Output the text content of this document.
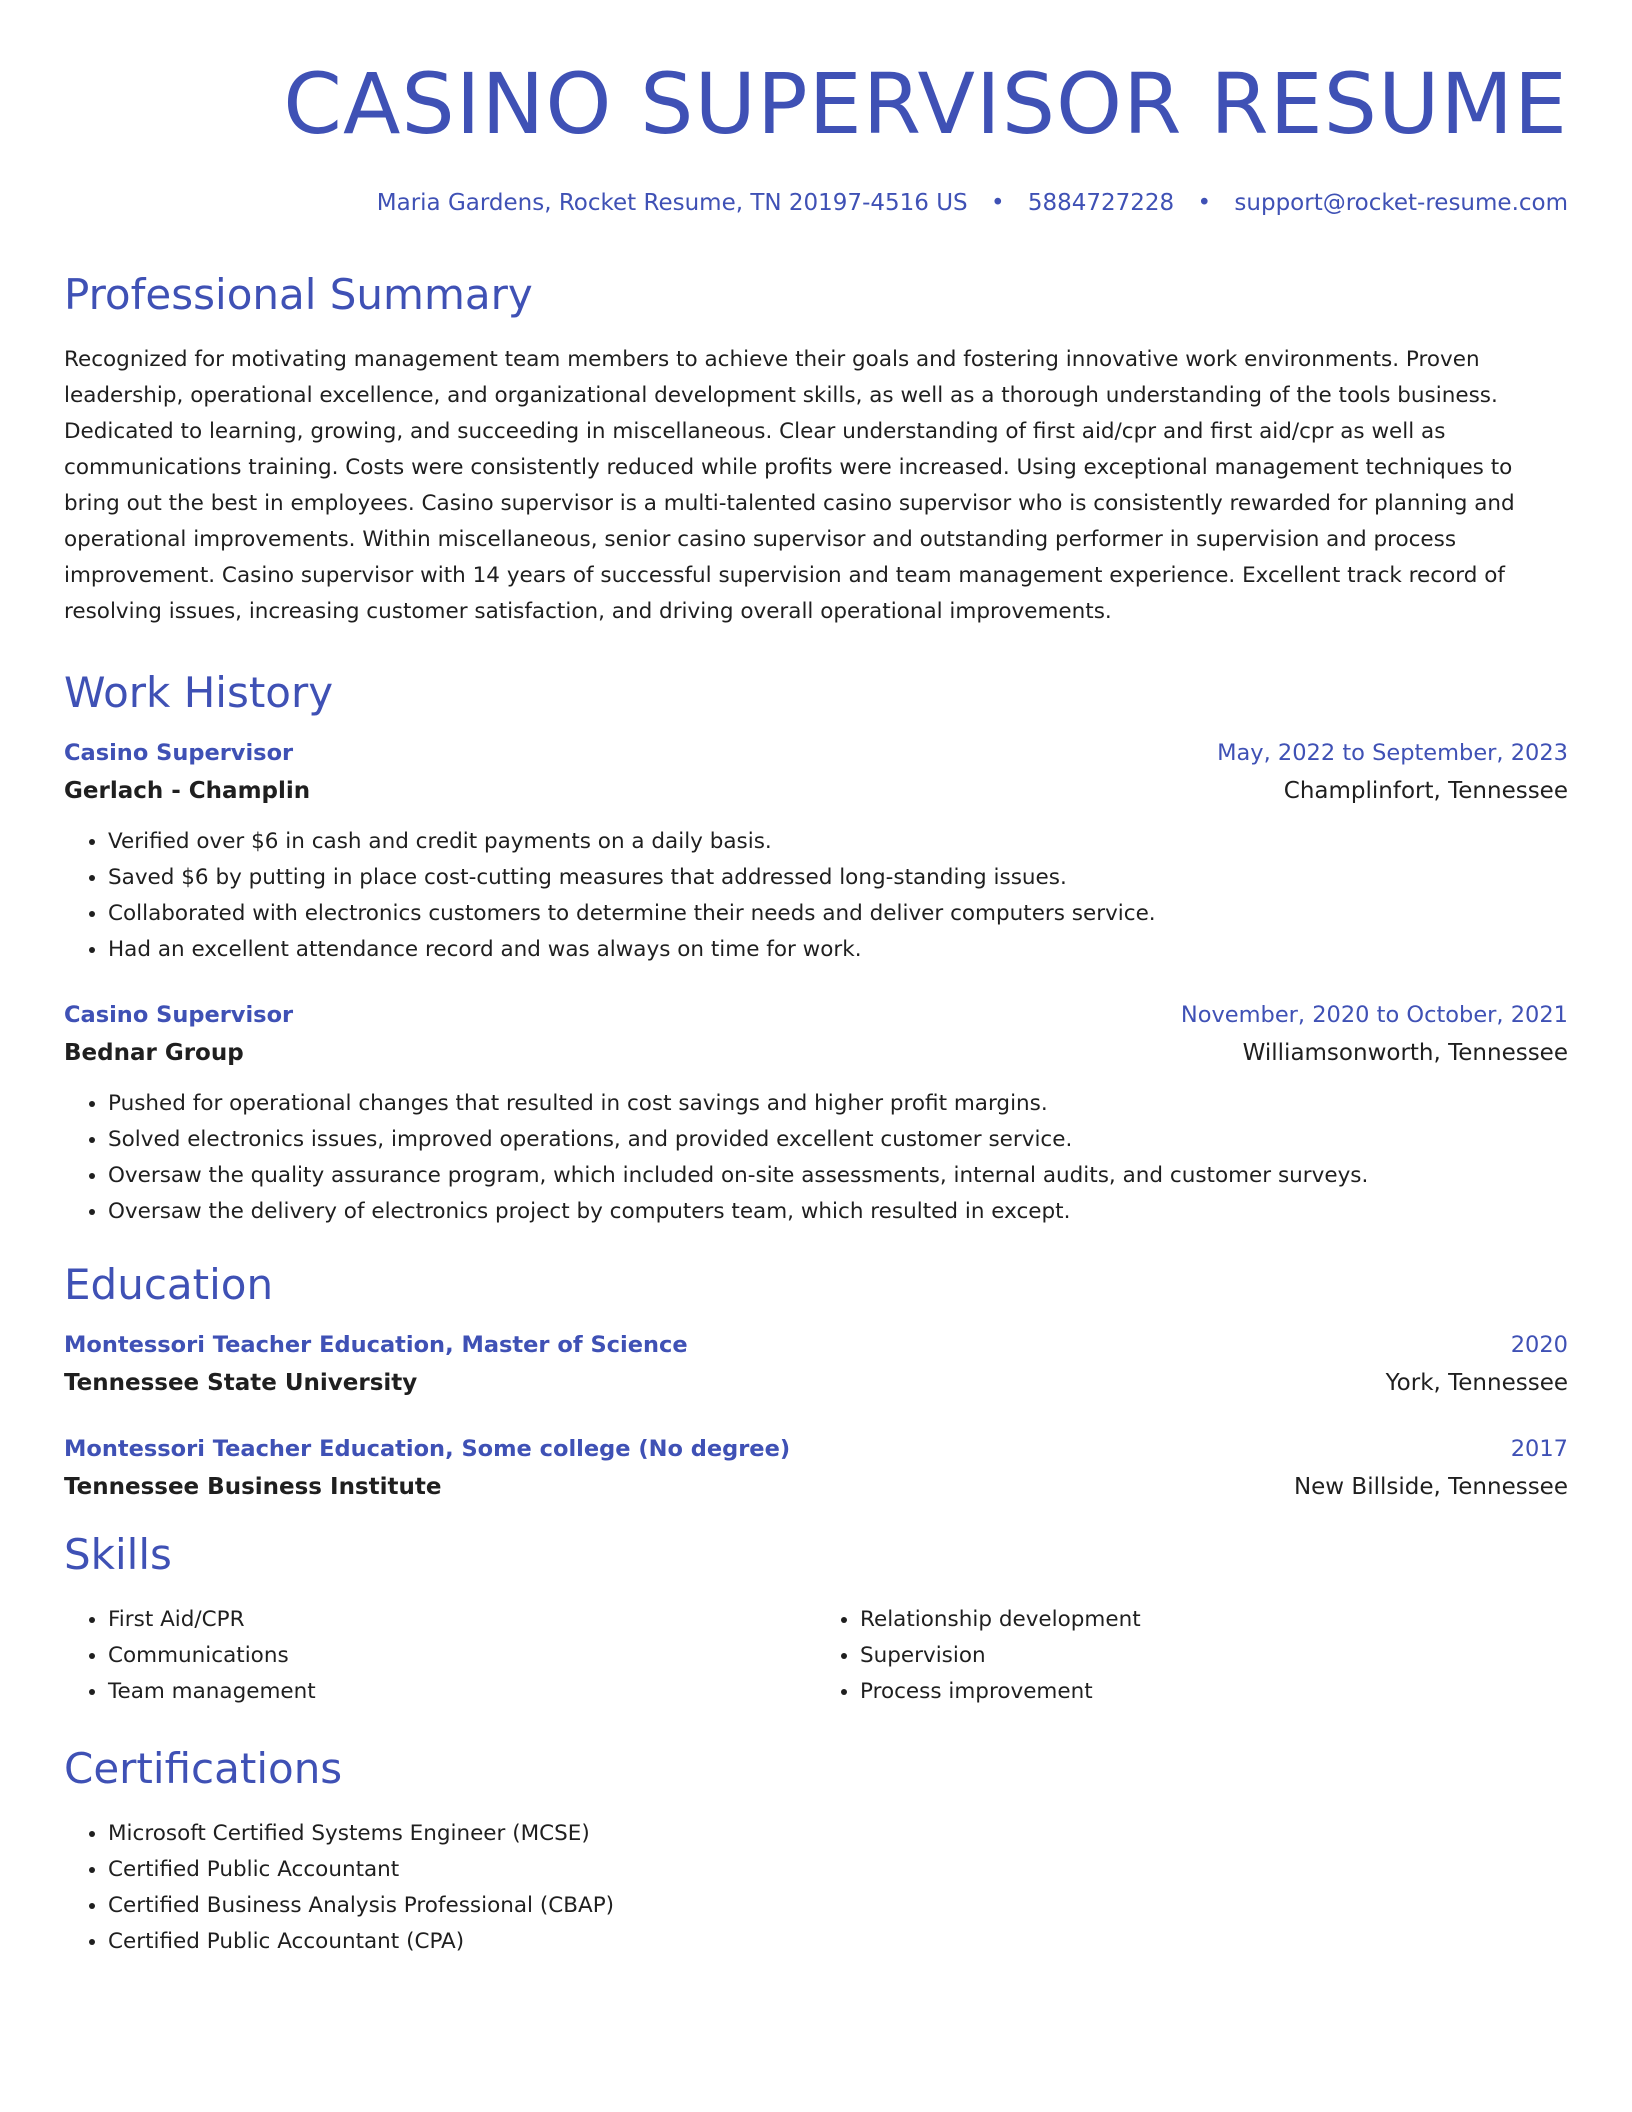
CASINO SUPERVISOR RESUME
Maria Gardens, Rocket Resume, TN 20197-4516 US • 5884727228 • support@rocket-resume.com
Professional Summary

Recognized for motivating management team members to achieve their goals and fostering innovative work environments. Proven leadership, operational excellence, and organizational development skills, as well as a thorough understanding of the tools business. Dedicated to learning, growing, and succeeding in miscellaneous. Clear understanding of first aid/cpr and first aid/cpr as well as communications training. Costs were consistently reduced while profits were increased. Using exceptional management techniques to bring out the best in employees. Casino supervisor is a multi-talented casino supervisor who is consistently rewarded for planning and operational improvements. Within miscellaneous, senior casino supervisor and outstanding performer in supervision and process improvement. Casino supervisor with 14 years of successful supervision and team management experience. Excellent track record of resolving issues, increasing customer satisfaction, and driving overall operational improvements.

Work History
Casino Supervisor	May, 2022 to September, 2023
Gerlach - Champlin	Champlinfort, Tennessee
• Verified over $6 in cash and credit payments on a daily basis.
• Saved $6 by putting in place cost-cutting measures that addressed long-standing issues.
• Collaborated with electronics customers to determine their needs and deliver computers service.
• Had an excellent attendance record and was always on time for work.
Casino Supervisor	November, 2020 to October, 2021
Bednar Group	Williamsonworth, Tennessee
• Pushed for operational changes that resulted in cost savings and higher profit margins.
• Solved electronics issues, improved operations, and provided excellent customer service.
• Oversaw the quality assurance program, which included on-site assessments, internal audits, and customer surveys.
• Oversaw the delivery of electronics project by computers team, which resulted in except.
Education
Montessori Teacher Education, Master of Science	2020
Tennessee State University	York, Tennessee
Montessori Teacher Education, Some college (No degree)	2017
Tennessee Business Institute	New Billside, Tennessee
Skills
• First Aid/CPR
• Communications
• Team management
• Relationship development
• Supervision
• Process improvement
Certifications
• Microsoft Certified Systems Engineer (MCSE)
• Certified Public Accountant
• Certified Business Analysis Professional (CBAP)
• Certified Public Accountant (CPA)
